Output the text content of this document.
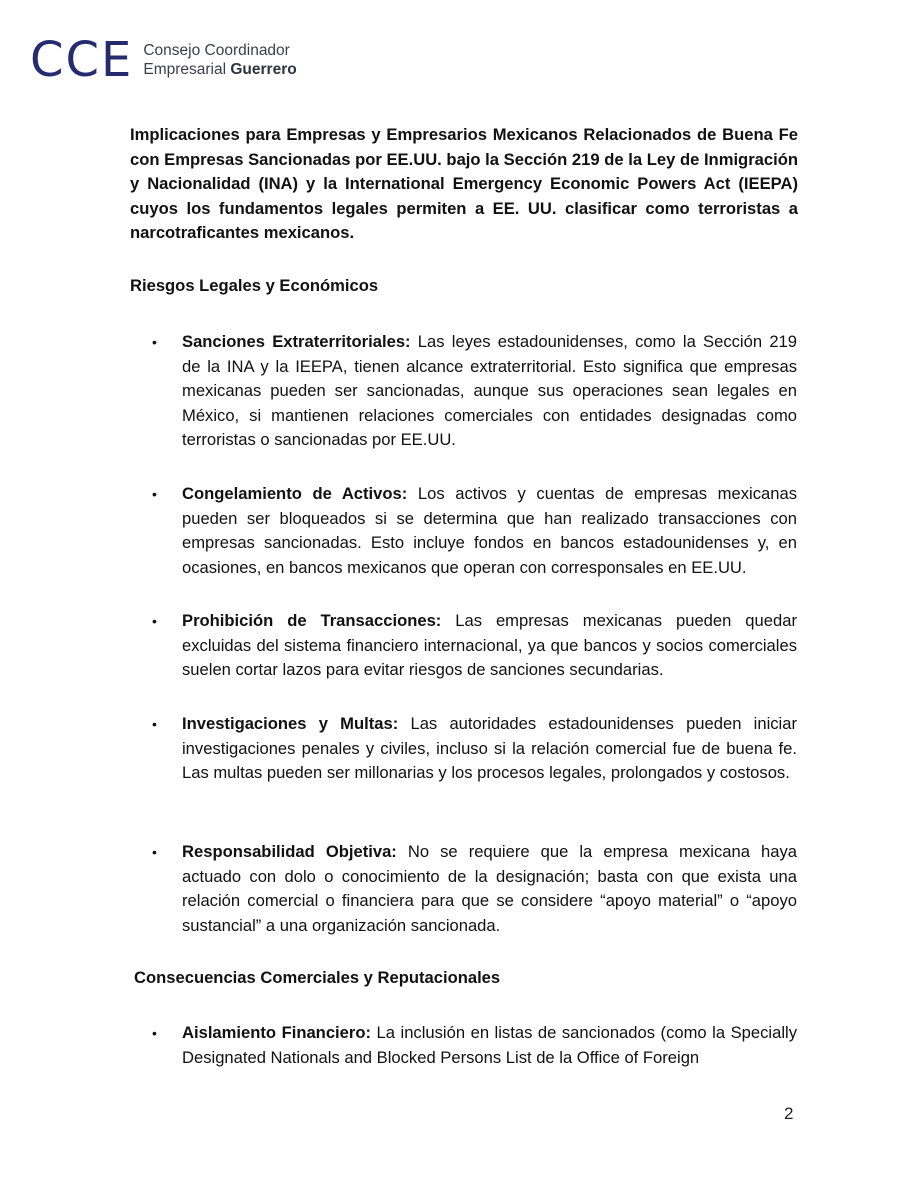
CCE Consejo Coordinador
Empresarial Guerrero

Implicaciones para Empresas y Empresarios Mexicanos Relacionados de Buena Fe con Empresas Sancionadas por EE.UU. bajo la Sección 219 de la Ley de Inmigración y Nacionalidad (INA) y la International Emergency Economic Powers Act (IEEPA) cuyos los fundamentos legales permiten a EE. UU. clasificar como terroristas a narcotraficantes mexicanos.

Riesgos Legales y Económicos

• Sanciones Extraterritoriales: Las leyes estadounidenses, como la Sección 219 de la INA y la IEEPA, tienen alcance extraterritorial. Esto significa que empresas mexicanas pueden ser sancionadas, aunque sus operaciones sean legales en México, si mantienen relaciones comerciales con entidades designadas como terroristas o sancionadas por EE.UU.

• Congelamiento de Activos: Los activos y cuentas de empresas mexicanas pueden ser bloqueados si se determina que han realizado transacciones con empresas sancionadas. Esto incluye fondos en bancos estadounidenses y, en ocasiones, en bancos mexicanos que operan con corresponsales en EE.UU.

• Prohibición de Transacciones: Las empresas mexicanas pueden quedar excluidas del sistema financiero internacional, ya que bancos y socios comerciales suelen cortar lazos para evitar riesgos de sanciones secundarias.

• Investigaciones y Multas: Las autoridades estadounidenses pueden iniciar investigaciones penales y civiles, incluso si la relación comercial fue de buena fe. Las multas pueden ser millonarias y los procesos legales, prolongados y costosos.

• Responsabilidad Objetiva: No se requiere que la empresa mexicana haya actuado con dolo o conocimiento de la designación; basta con que exista una relación comercial o financiera para que se considere “apoyo material” o “apoyo sustancial” a una organización sancionada.

Consecuencias Comerciales y Reputacionales

• Aislamiento Financiero: La inclusión en listas de sancionados (como la Specially Designated Nationals and Blocked Persons List de la Office of Foreign

2
